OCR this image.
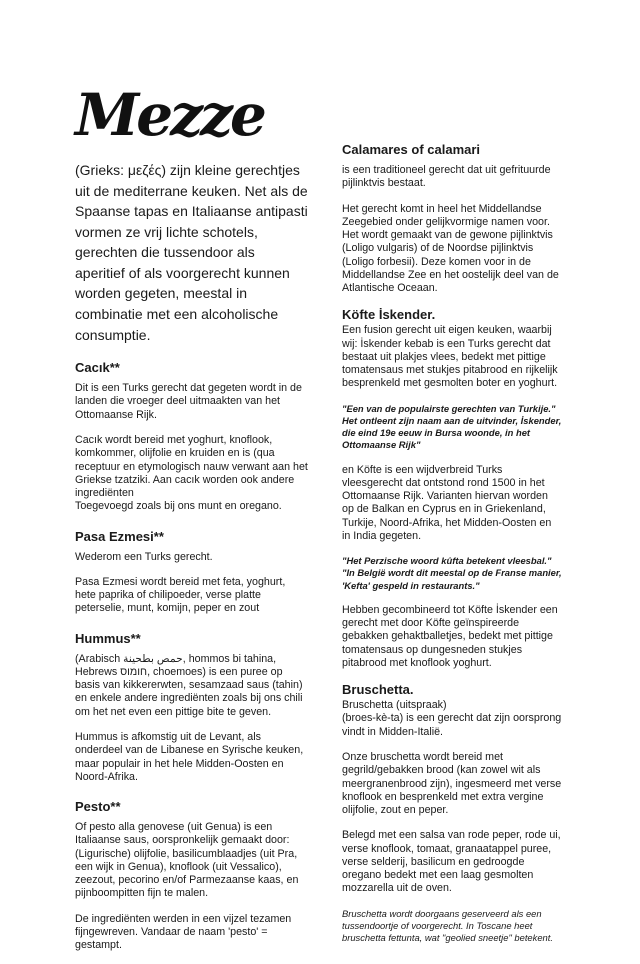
Mezze

(Grieks: μεζές) zijn kleine gerechtjes uit de mediterrane keuken. Net als de Spaanse tapas en Italiaanse antipasti vormen ze vrij lichte schotels, gerechten die tussendoor als aperitief of als voorgerecht kunnen worden gegeten, meestal in combinatie met een alcoholische consumptie.

Cacık**

Dit is een Turks gerecht dat gegeten wordt in de landen die vroeger deel uitmaakten van het Ottomaanse Rijk.

Cacık wordt bereid met yoghurt, knoflook, komkommer, olijfolie en kruiden en is (qua receptuur en etymologisch nauw verwant aan het Griekse tzatziki. Aan cacık worden ook andere ingrediënten

Toegevoegd zoals bij ons munt en oregano.

Pasa Ezmesi**

Wederom een Turks gerecht.

Pasa Ezmesi wordt bereid met feta, yoghurt, hete paprika of chilipoeder, verse platte peterselie, munt, komijn, peper en zout

Hummus**

(Arabisch حمص بطحينة, hommos bi tahina, Hebrews חומוס, choemoes) is een puree op basis van kikkererwten, sesamzaad saus (tahin) en enkele andere ingrediënten zoals bij ons chili om het net even een pittige bite te geven.

Hummus is afkomstig uit de Levant, als onderdeel van de Libanese en Syrische keuken, maar populair in het hele Midden-Oosten en Noord-Afrika.

Pesto**

Of pesto alla genovese (uit Genua) is een Italiaanse saus, oorspronkelijk gemaakt door: (Ligurische) olijfolie, basilicumblaadjes (uit Pra, een wijk in Genua), knoflook (uit Vessalico), zeezout, pecorino en/of Parmezaanse kaas, en pijnboompitten fijn te malen.

De ingrediënten werden in een vijzel tezamen fijngewreven. Vandaar de naam 'pesto' = gestampt.

Calamares of calamari

is een traditioneel gerecht dat uit gefrituurde pijlinktvis bestaat.

Het gerecht komt in heel het Middellandse Zeegebied onder gelijkvormige namen voor. Het wordt gemaakt van de gewone pijlinktvis (Loligo vulgaris) of de Noordse pijlinktvis (Loligo forbesii). Deze komen voor in de Middellandse Zee en het oostelijk deel van de Atlantische Oceaan.

Köfte İskender.

Een fusion gerecht uit eigen keuken, waarbij wij: İskender kebab is een Turks gerecht dat bestaat uit plakjes vlees, bedekt met pittige tomatensaus met stukjes pitabrood en rijkelijk besprenkeld met gesmolten boter en yoghurt.

"Een van de populairste gerechten van Turkije." Het ontleent zijn naam aan de uitvinder, İskender, die eind 19e eeuw in Bursa woonde, in het Ottomaanse Rijk"

en Köfte is een wijdverbreid Turks vleesgerecht dat ontstond rond 1500 in het Ottomaanse Rijk. Varianten hiervan worden op de Balkan en Cyprus en in Griekenland, Turkije, Noord-Afrika, het Midden-Oosten en in India gegeten.

"Het Perzische woord kûfta betekent vleesbal." "In België wordt dit meestal op de Franse manier, 'Kefta' gespeld in restaurants."

Hebben gecombineerd tot Köfte İskender een gerecht met door Köfte geïnspireerde gebakken gehaktballetjes, bedekt met pittige tomatensaus op dungesneden stukjes pitabrood met knoflook yoghurt.

Bruschetta.

Bruschetta (uitspraak)

(broes-kè-ta) is een gerecht dat zijn oorsprong vindt in Midden-Italië.

Onze bruschetta wordt bereid met gegrild/gebakken brood (kan zowel wit als meergranenbrood zijn), ingesmeerd met verse knoflook en besprenkeld met extra vergine olijfolie, zout en peper.

Belegd met een salsa van rode peper, rode ui, verse knoflook, tomaat, granaatappel puree, verse selderij, basilicum en gedroogde oregano bedekt met een laag gesmolten mozzarella uit de oven.

Bruschetta wordt doorgaans geserveerd als een tussendoortje of voorgerecht. In Toscane heet bruschetta fettunta, wat "geolied sneetje" betekent.
